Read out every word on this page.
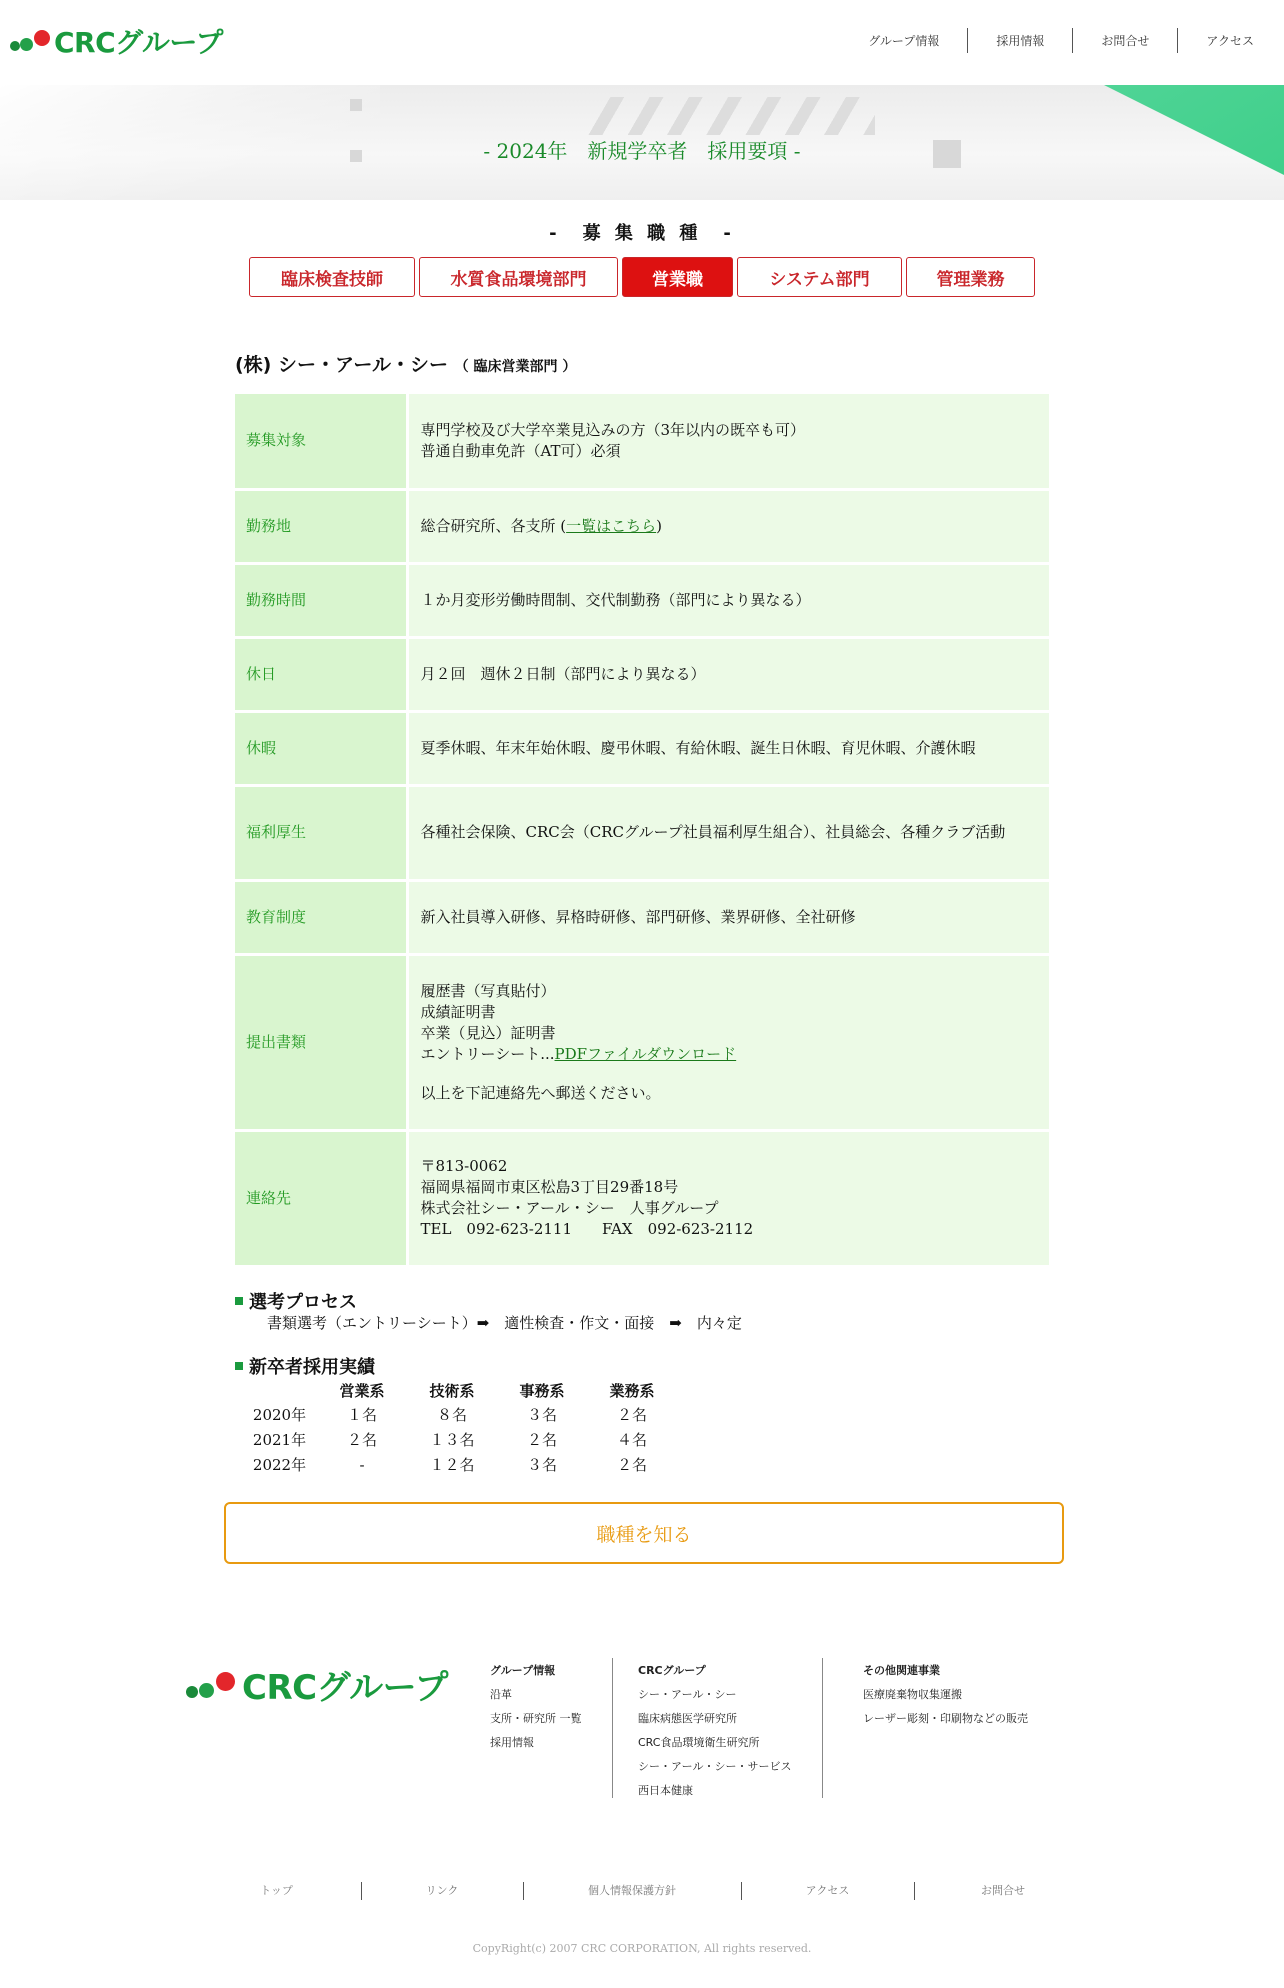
CRCグループ	グループ情報	採用情報	お問合せ	アクセス
- 2024年　新規学卒者　採用要項 -
-　募 集 職 種　-
臨床検査技師	水質食品環境部門	営業職	システム部門	管理業務
(株) シー・アール・シー （ 臨床営業部門 ）
募集対象	専門学校及び大学卒業見込みの方（3年以内の既卒も可）
普通自動車免許（AT可）必須

勤務地	総合研究所、各支所 (一覧はこちら)
勤務時間	１か月変形労働時間制、交代制勤務（部門により異なる）
休日	月２回　週休２日制（部門により異なる）
休暇	夏季休暇、年末年始休暇、慶弔休暇、有給休暇、誕生日休暇、育児休暇、介護休暇
福利厚生	各種社会保険、CRC会（CRCグループ社員福利厚生組合）、社員総会、各種クラブ活動
教育制度	新入社員導入研修、昇格時研修、部門研修、業界研修、全社研修
提出書類	履歴書（写真貼付）
成績証明書
卒業（見込）証明書
エントリーシート...PDFファイルダウンロード
以上を下記連絡先へ郵送ください。

連絡先	〒813-0062
福岡県福岡市東区松島3丁目29番18号
株式会社シー・アール・シー　人事グループ
TEL　092-623-2111　　FAX　092-623-2112
選考プロセス
書類選考（エントリーシート）➡　適性検査・作文・面接　➡　内々定
新卒者採用実績
	営業系	技術系	事務系	業務系
2020年	１名	８名	３名	２名
2021年	２名	１３名	２名	４名
2022年	-	１２名	３名	２名
職種を知る
CRCグループ	グループ情報
沿革
支所・研究所 一覧
採用情報
CRCグループ
シー・アール・シー
臨床病態医学研究所
CRC食品環境衛生研究所
シー・アール・シー・サービス
西日本健康
その他関連事業
医療廃棄物収集運搬
レーザー彫刻・印刷物などの販売
トップ	リンク	個人情報保護方針	アクセス	お問合せ
CopyRight(c) 2007 CRC CORPORATION, All rights reserved.
